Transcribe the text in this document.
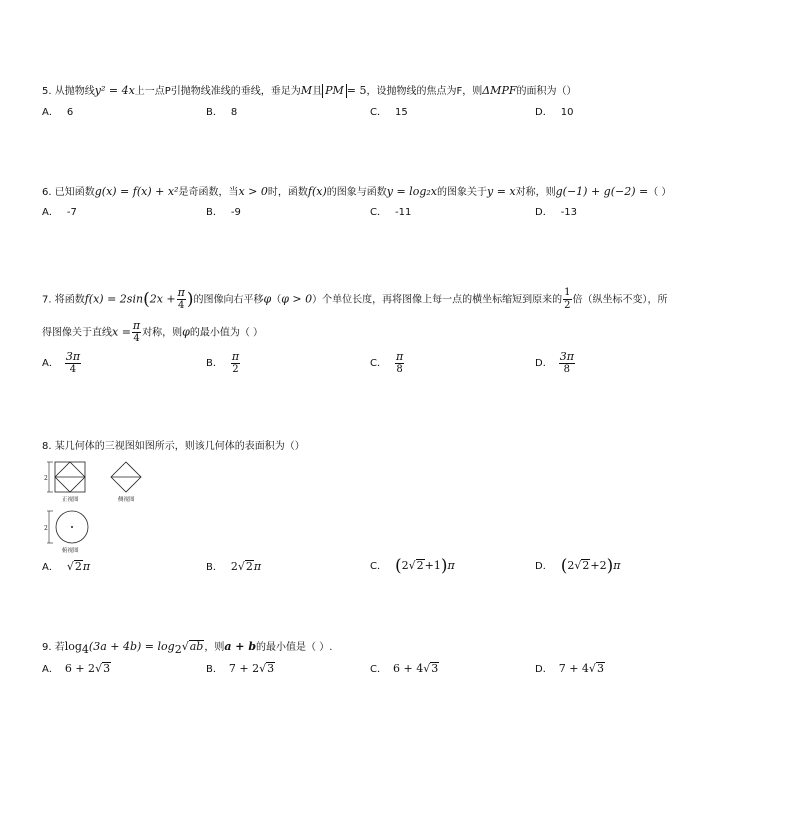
5. 从抛物线y² = 4x上一点P引抛物线准线的垂线，垂足为M且 PM = 5，设抛物线的焦点为F，则ΔMPF的面积为（）
A． 6	B． 8	C． 15	D． 10
6. 已知函数g(x) = f(x) + x²是奇函数，当x > 0时，函数f(x)的图象与函数y = log₂x的图象关于y = x对称，则g(−1) + g(−2) =（ ）
A． -7	B． -9	C． -11	D． -13
7. 将函数$f(x) = 2\sin(2x + \frac{\pi}{4}$ )的图像向右平移φ（φ > 0）个单位长度，再将图像上每一点的横坐标缩短到原来的 $\frac{1}{2}$ 倍（纵坐标不变），所
得图像关于直线$x = \frac{\pi}{4}$ 对称，则φ的最小值为（ ）
A． $\frac{3\pi}{4}$	B． $\frac{\pi}{2}$	C． $\frac{\pi}{8}$	D． $\frac{3\pi}{8}$
8. 某几何体的三视图如图所示，则该几何体的表面积为（）
2
正视图	侧视图
2
俯视图
A． √2π	B． 2√2π	C． (2√2+1)π	D． (2√2+2)π
9. 若$\log_4(3a + 4b) = \log_2√ab$，则a + b的最小值是（ ）.
A． 6 + 2√3	B． 7 + 2√3	C． 6 + 4√3	D． 7 + 4√3
